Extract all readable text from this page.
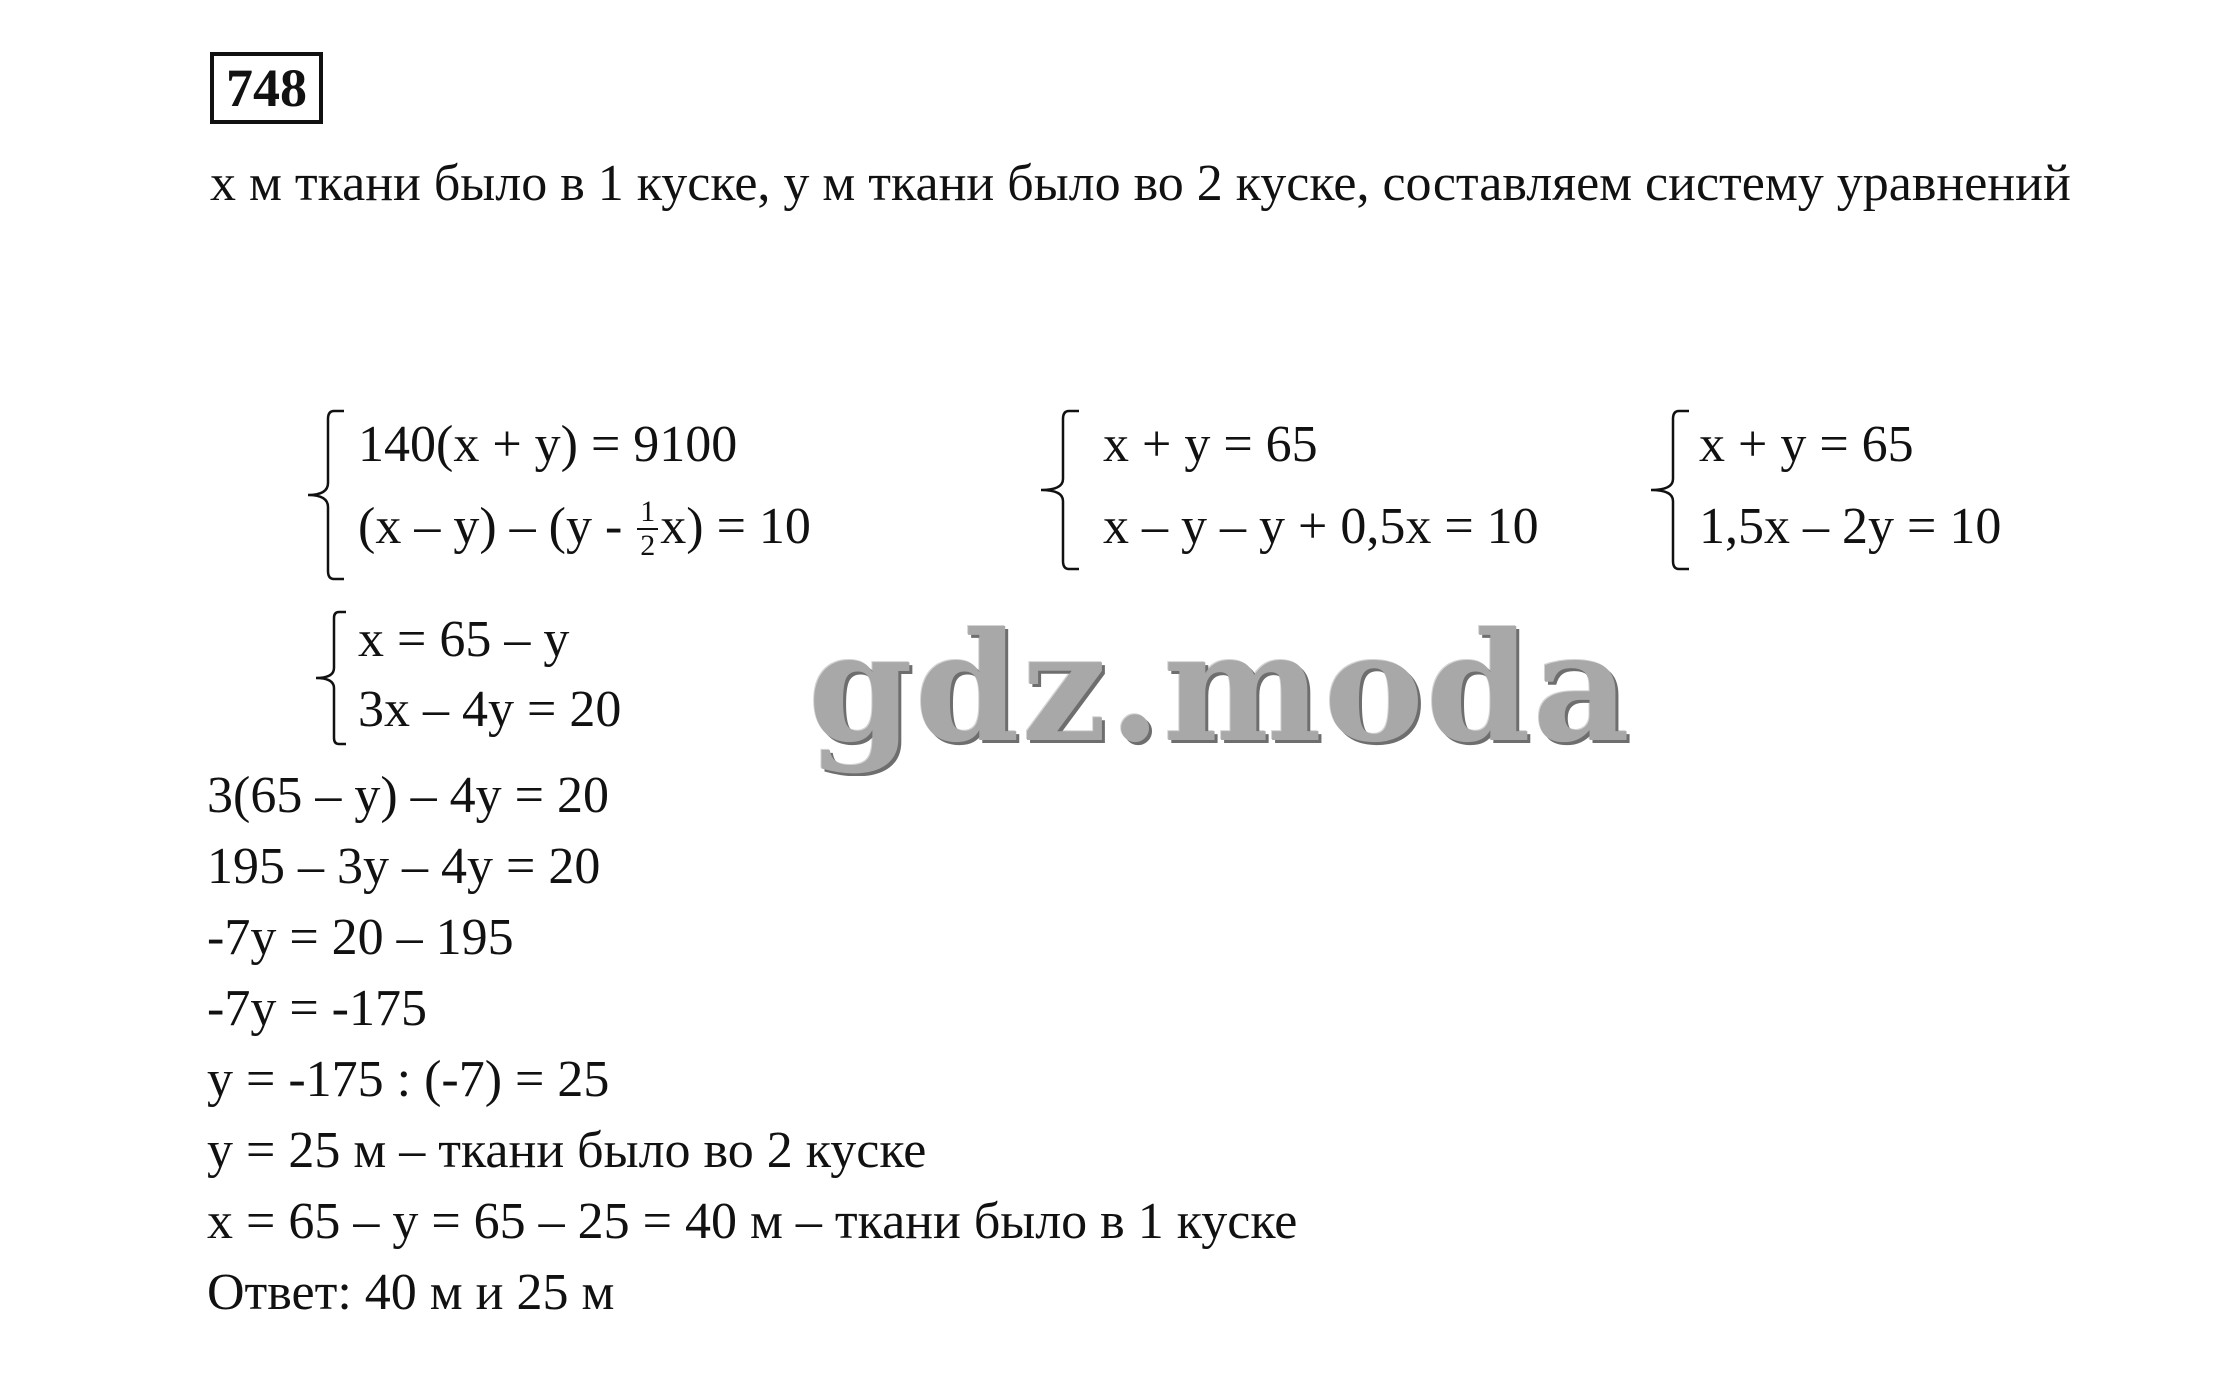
748

x м ткани было в 1 куске, y м ткани было во 2 куске, составляем систему уравнений

140(x + y) = 9100
$(x - y) - (y - \frac{1}{2} x) = 10$
x + y = 65
x – y – y + 0,5x = 10
x + y = 65
1,5x – 2y = 10
x = 65 – y
3x – 4y = 20
3(65 – y) – 4y = 20
195 – 3y – 4y = 20
-7y = 20 – 195
-7y = -175
y = -175 : (-7) = 25
y = 25 м – ткани было во 2 куске
x = 65 – y = 65 – 25 = 40 м – ткани было в 1 куске
Ответ: 40 м и 25 м
gdz.moda
